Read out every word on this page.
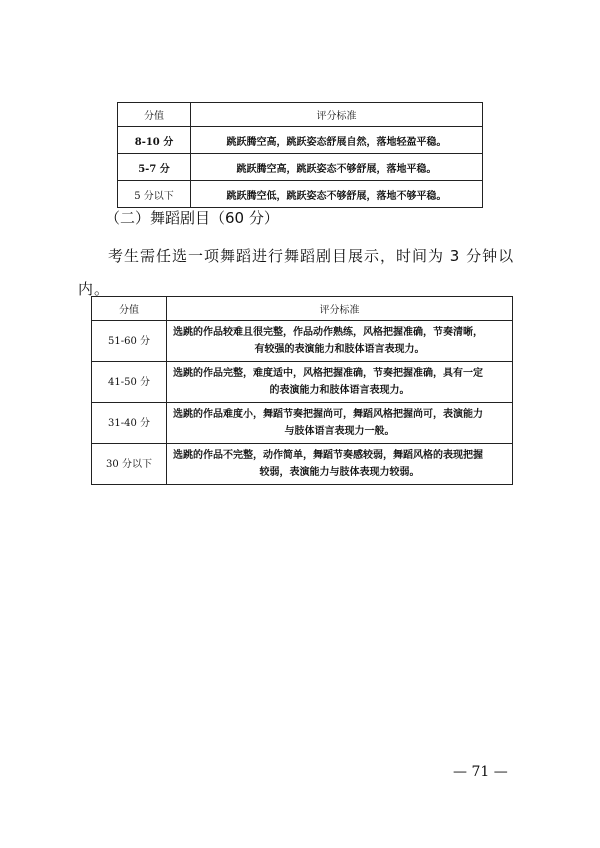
分值	评分标准
8-10 分	跳跃腾空高，跳跃姿态舒展自然，落地轻盈平稳。
5-7 分	跳跃腾空高，跳跃姿态不够舒展，落地平稳。
5 分以下	跳跃腾空低，跳跃姿态不够舒展，落地不够平稳。
（二）舞蹈剧目（60 分）

考生需任选一项舞蹈进行舞蹈剧目展示，时间为 3 分钟以内。

分值	评分标准
51-60 分	选跳的作品较难且很完整，作品动作熟练，风格把握准确，节奏清晰，
有较强的表演能力和肢体语言表现力。

41-50 分	选跳的作品完整，难度适中，风格把握准确，节奏把握准确，具有一定
的表演能力和肢体语言表现力。

31-40 分	选跳的作品难度小，舞蹈节奏把握尚可，舞蹈风格把握尚可，表演能力
与肢体语言表现力一般。

30 分以下	选跳的作品不完整，动作简单，舞蹈节奏感较弱，舞蹈风格的表现把握
较弱，表演能力与肢体表现力较弱。
— 71 —
